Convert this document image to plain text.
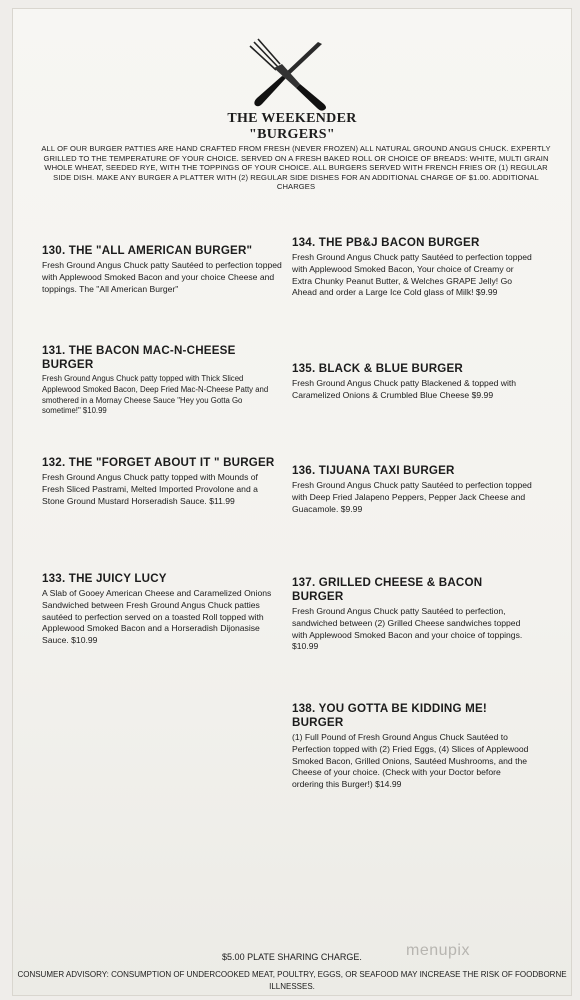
THE WEEKENDER
"BURGERS"
ALL OF OUR BURGER PATTIES ARE HAND CRAFTED FROM FRESH (NEVER FROZEN) ALL NATURAL GROUND ANGUS CHUCK. EXPERTLY GRILLED TO THE TEMPERATURE OF YOUR CHOICE. SERVED ON A FRESH BAKED ROLL OR CHOICE OF BREADS: WHITE, MULTI GRAIN WHOLE WHEAT, SEEDED RYE, WITH THE TOPPINGS OF YOUR CHOICE. ALL BURGERS SERVED WITH FRENCH FRIES OR (1) REGULAR SIDE DISH. MAKE ANY BURGER A PLATTER WITH (2) REGULAR SIDE DISHES FOR AN ADDITIONAL CHARGE OF $1.00. ADDITIONAL CHARGES
130. THE "ALL AMERICAN BURGER"
Fresh Ground Angus Chuck patty Sautéed to perfection topped with Applewood Smoked Bacon and your choice Cheese and toppings. The "All American Burger"
131. THE BACON MAC-N-CHEESE BURGER
Fresh Ground Angus Chuck patty topped with Thick Sliced Applewood Smoked Bacon, Deep Fried Mac-N-Cheese Patty and smothered in a Mornay Cheese Sauce "Hey you Gotta Go sometime!" $10.99
132. THE "FORGET ABOUT IT " BURGER
Fresh Ground Angus Chuck patty topped with Mounds of Fresh Sliced Pastrami, Melted Imported Provolone and a Stone Ground Mustard Horseradish Sauce. $11.99
133. THE JUICY LUCY
A Slab of Gooey American Cheese and Caramelized Onions Sandwiched between Fresh Ground Angus Chuck patties sautéed to perfection served on a toasted Roll topped with Applewood Smoked Bacon and a Horseradish Dijonasise Sauce. $10.99
134. THE PB&J BACON BURGER
Fresh Ground Angus Chuck patty Sautéed to perfection topped with Applewood Smoked Bacon, Your choice of Creamy or Extra Chunky Peanut Butter, & Welches GRAPE Jelly! Go Ahead and order a Large Ice Cold glass of Milk! $9.99
135. BLACK & BLUE BURGER
Fresh Ground Angus Chuck patty Blackened & topped with Caramelized Onions & Crumbled Blue Cheese $9.99
136. TIJUANA TAXI BURGER
Fresh Ground Angus Chuck patty Sautéed to perfection topped with Deep Fried Jalapeno Peppers, Pepper Jack Cheese and Guacamole. $9.99
137. GRILLED CHEESE & BACON BURGER
Fresh Ground Angus Chuck patty Sautéed to perfection, sandwiched between (2) Grilled Cheese sandwiches topped with Applewood Smoked Bacon and your choice of toppings. $10.99
138. YOU GOTTA BE KIDDING ME! BURGER
(1) Full Pound of Fresh Ground Angus Chuck Sautéed to Perfection topped with (2) Fried Eggs, (4) Slices of Applewood Smoked Bacon, Grilled Onions, Sautéed Mushrooms, and the Cheese of your choice. (Check with your Doctor before ordering this Burger!) $14.99
menupix
$5.00 PLATE SHARING CHARGE.
CONSUMER ADVISORY: CONSUMPTION OF UNDERCOOKED MEAT, POULTRY, EGGS, OR SEAFOOD MAY INCREASE THE RISK OF FOODBORNE ILLNESSES.
